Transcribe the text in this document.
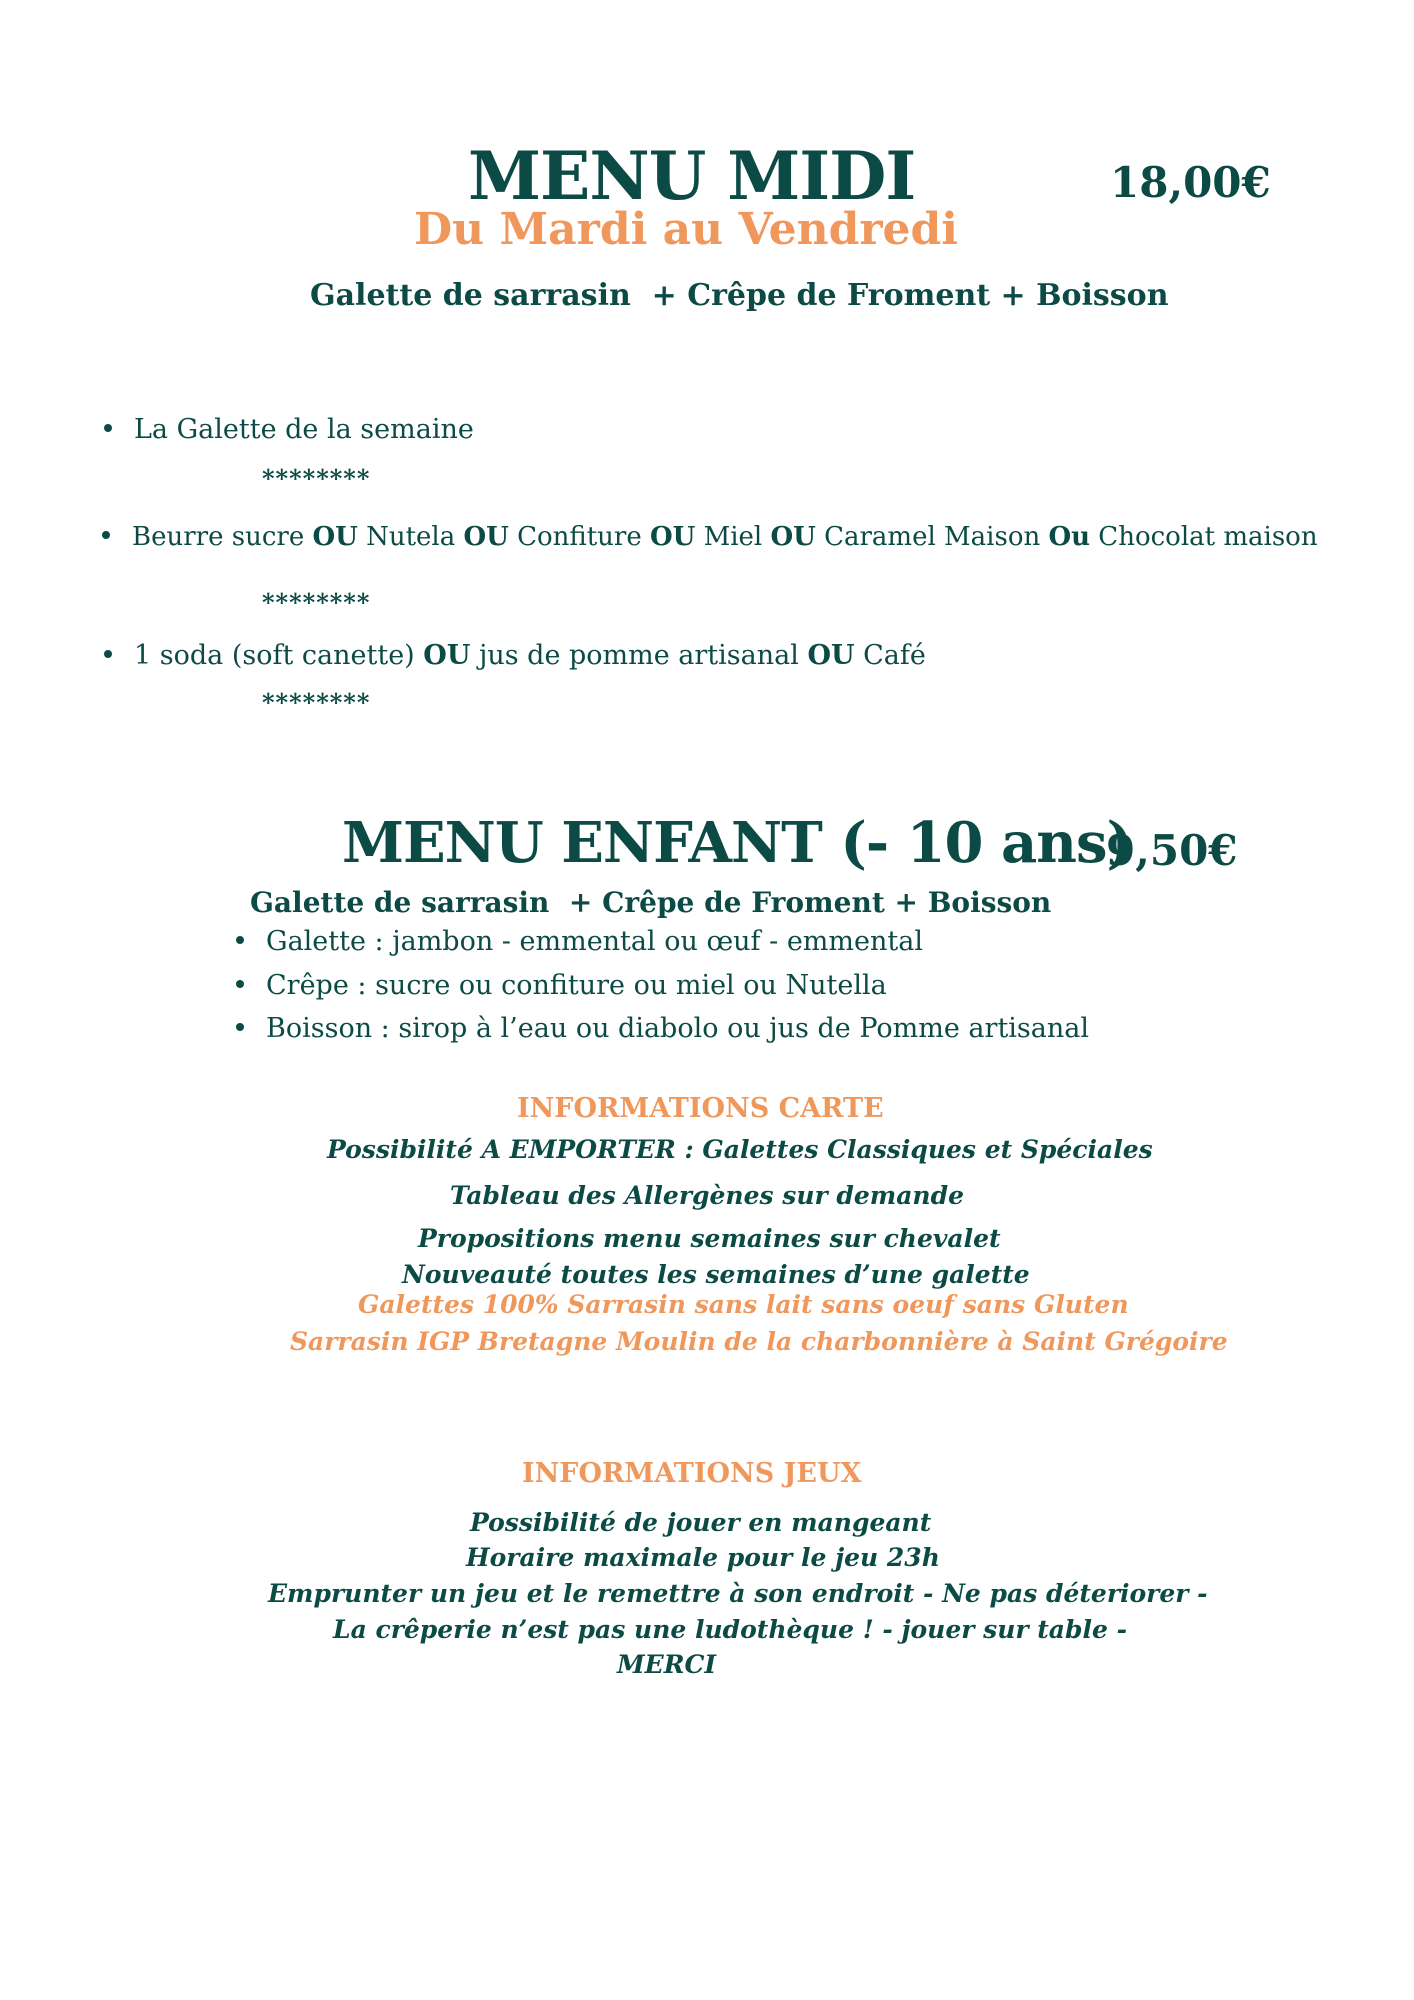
MENU MIDI	18,00€
Du Mardi au Vendredi
Galette de sarrasin  + Crêpe de Froment + Boisson
La Galette de la semaine
********
Beurre sucre OU Nutela OU Confiture OU Miel OU Caramel Maison Ou Chocolat maison
********
1 soda (soft canette) OU jus de pomme artisanal OU Café
********
MENU ENFANT (- 10 ans)
9,50€
Galette de sarrasin  + Crêpe de Froment + Boisson
Galette : jambon - emmental ou œuf - emmental
Crêpe : sucre ou confiture ou miel ou Nutella
Boisson : sirop à l’eau ou diabolo ou jus de Pomme artisanal
INFORMATIONS CARTE
Possibilité A EMPORTER : Galettes Classiques et Spéciales
Tableau des Allergènes sur demande
Propositions menu semaines sur chevalet
Nouveauté toutes les semaines d’une galette
Galettes 100% Sarrasin sans lait sans oeuf sans Gluten
Sarrasin IGP Bretagne Moulin de la charbonnière à Saint Grégoire
INFORMATIONS JEUX
Possibilité de jouer en mangeant
Horaire maximale pour le jeu 23h
Emprunter un jeu et le remettre à son endroit - Ne pas déteriorer -
La crêperie n’est pas une ludothèque ! - jouer sur table -
MERCI
